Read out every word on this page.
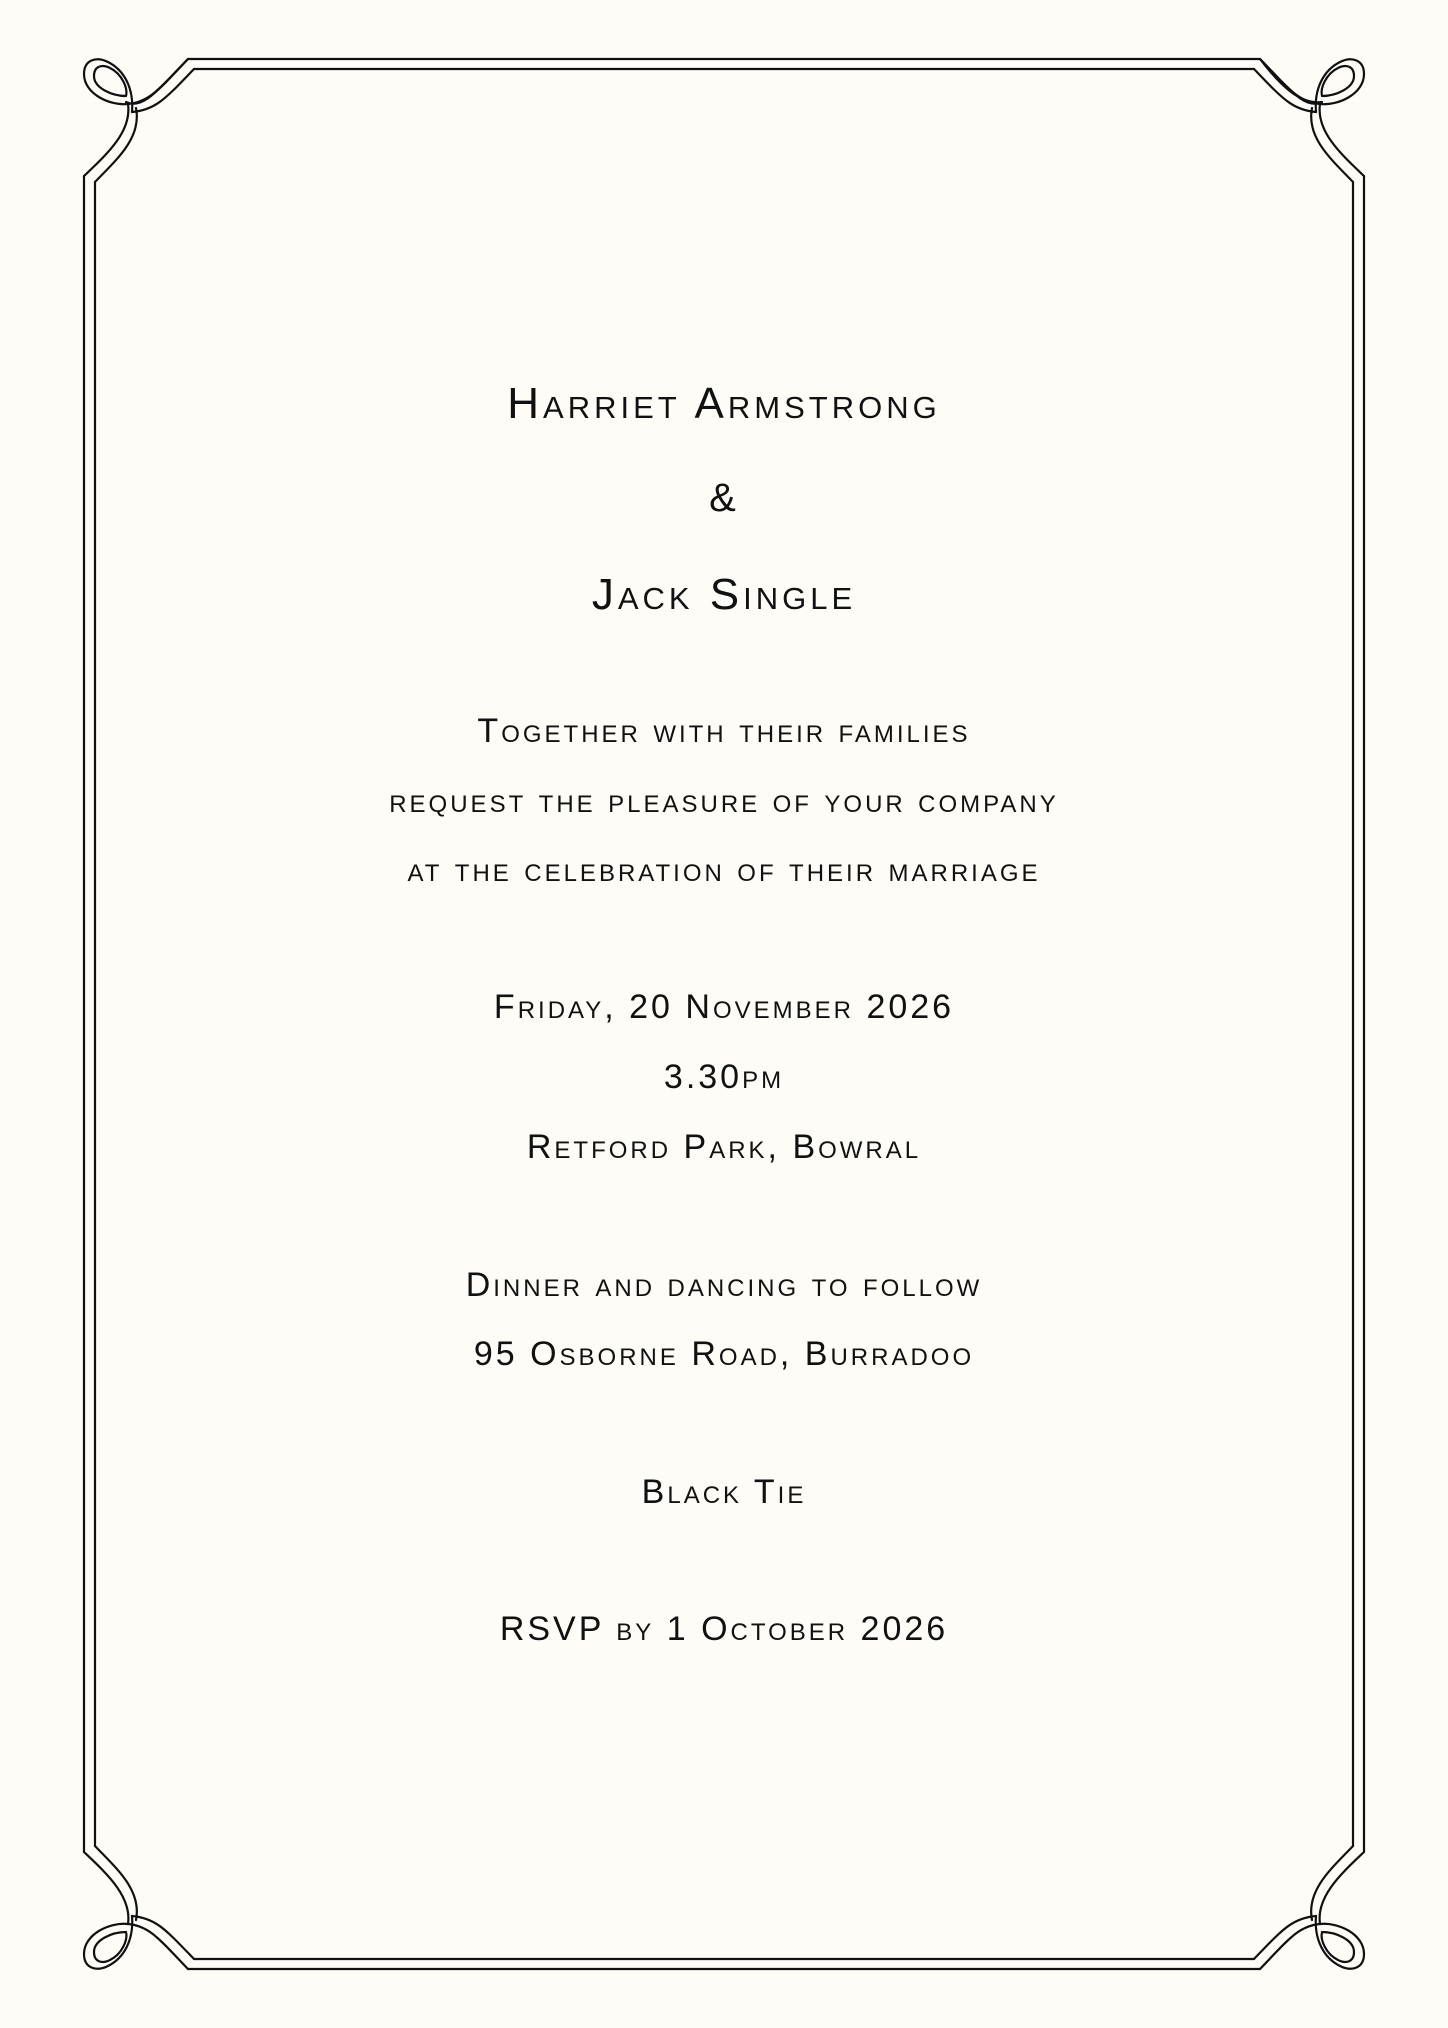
Harriet Armstrong
&
Jack Single
Together with their families
request the pleasure of your company
at the celebration of their marriage
Friday, 20 November 2026
3.30pm
Retford Park, Bowral
Dinner and dancing to follow
95 Osborne Road, Burradoo
Black Tie
RSVP by 1 October 2026
